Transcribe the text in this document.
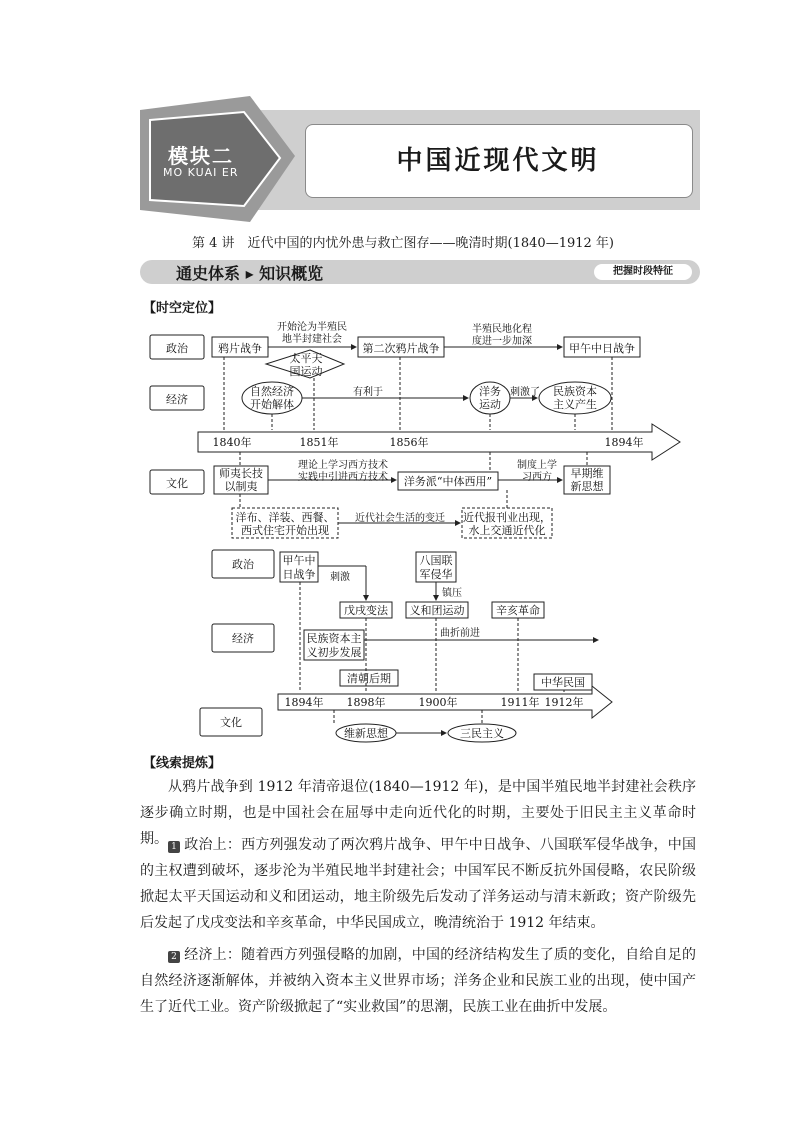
模块二
MO KUAI ER	中国近现代文明
第 4 讲　近代中国的内忧外患与救亡图存——晚清时期(1840—1912 年)
通史体系 ▸ 知识概览	把握时段特征
【时空定位】
政治
经济
文化
鸦片战争	第二次鸦片战争	甲午中日战争
太平天
国运动
自然经济
开始解体
洋务
运动
民族资本
主义产生
师夷长技
以制夷	洋务派“中体西用”
早期维
新思想
洋布、洋装、西餐、
西式住宅开始出现
近代报刊业出现，
水上交通近代化
开始沦为半殖民
地半封建社会
半殖民地化程
度进一步加深
有利于	刺激了
理论上学习西方技术
实践中引进西方技术
制度上学
习西方
近代社会生活的变迁
1840年	1851年	1856年	1894年
政治
经济
文化
甲午中
日战争
八国联
军侵华
戊戌变法 义和团运动	辛亥革命
民族资本主
义初步发展
清朝后期	中华民国
维新思想	三民主义
刺激
镇压
曲折前进
1894年 1898年	1900年	1911年 1912年
【线索提炼】
从鸦片战争到 1912 年清帝退位(1840—1912 年)，是中国半殖民地半封建社会秩序逐步确立时期，也是中国社会在屈辱中走向近代化的时期，主要处于旧民主主义革命时期。 1 政治上：西方列强发动了两次鸦片战争、甲午中日战争、八国联军侵华战争，中国的主权遭到破坏，逐步沦为半殖民地半封建社会；中国军民不断反抗外国侵略，农民阶级掀起太平天国运动和义和团运动，地主阶级先后发动了洋务运动与清末新政；资产阶级先后发起了戊戌变法和辛亥革命，中华民国成立，晚清统治于 1912 年结束。
2 经济上：随着西方列强侵略的加剧，中国的经济结构发生了质的变化，自给自足的自然经济逐渐解体，并被纳入资本主义世界市场；洋务企业和民族工业的出现，使中国产生了近代工业。资产阶级掀起了“实业救国”的思潮，民族工业在曲折中发展。
